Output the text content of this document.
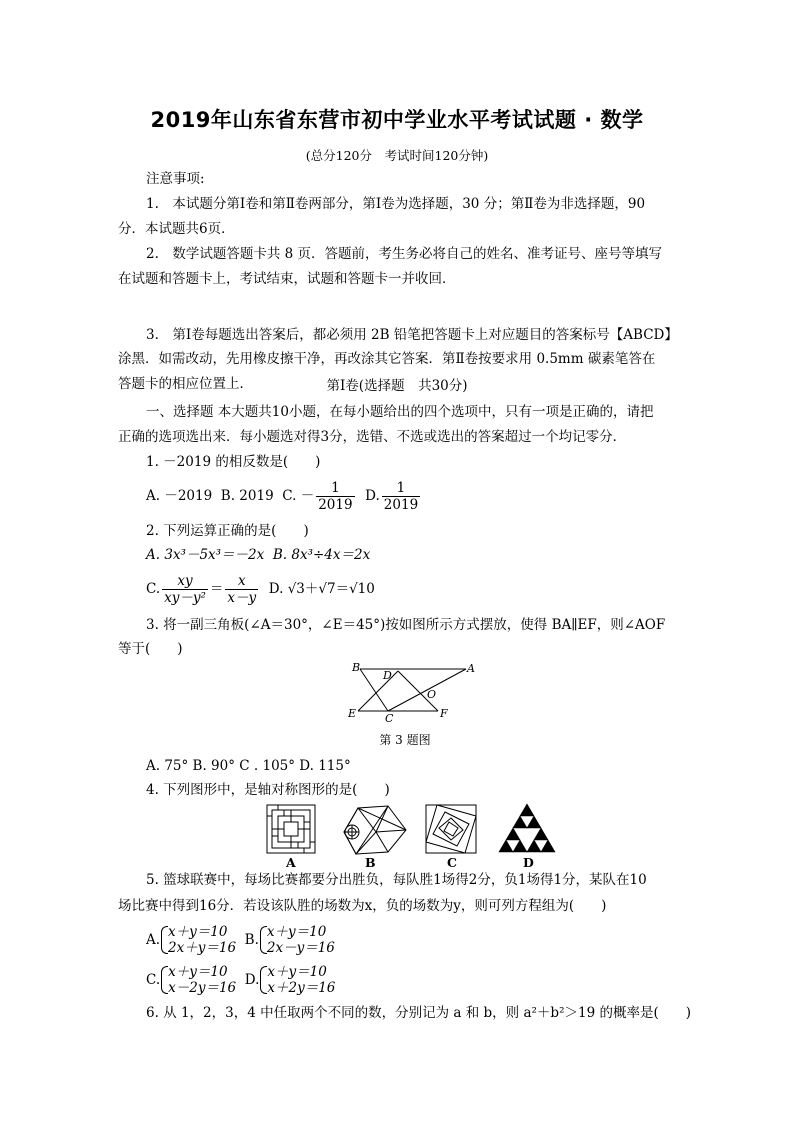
2019年山东省东营市初中学业水平考试试题 · 数学
(总分120分　考试时间120分钟)
注意事项:
1.　本试题分第Ⅰ卷和第Ⅱ卷两部分，第Ⅰ卷为选择题，30 分；第Ⅱ卷为非选择题，90
分．本试题共6页．
2.　数学试题答题卡共 8 页．答题前，考生务必将自己的姓名、准考证号、座号等填写
在试题和答题卡上，考试结束，试题和答题卡一并收回．
3.　第Ⅰ卷每题选出答案后，都必须用 2B 铅笔把答题卡上对应题目的答案标号【ABCD】
涂黑．如需改动，先用橡皮擦干净，再改涂其它答案．第Ⅱ卷按要求用 0.5mm 碳素笔答在
答题卡的相应位置上．	第Ⅰ卷(选择题　共30分)
一、选择题 本大题共10小题，在每小题给出的四个选项中，只有一项是正确的，请把
正确的选项选出来．每小题选对得3分，选错、不选或选出的答案超过一个均记零分．
1. －2019 的相反数是(　　)
A. －2019 B. 2019 C. － $\frac{1}{2019} D$. $\frac{1}{2019}$
2. 下列运算正确的是(　　)
A. 3x³－5x³＝－2x B. 8x³÷4x＝2x
C. $\frac{xy}{\text{xy－y²}} = \frac{x}{x-y} D$. √3＋√7＝√10
3. 将一副三角板(∠A＝30°，∠E＝45°)按如图所示方式摆放，使得 BA∥EF，则∠AOF
等于(　　)
B	A
D
O
E	C	F
第 3 题图
A. 75° B. 90° C . 105° D. 115°
4. 下列图形中，是轴对称图形的是(　　)
A	B	C	D
5. 篮球联赛中，每场比赛都要分出胜负，每队胜1场得2分，负1场得1分，某队在10
场比赛中得到16分．若设该队胜的场数为x，负的场数为y，则可列方程组为(　　)
A. x＋y＝10
2x＋y＝16
B. x＋y＝10
2x－y＝16
C. x＋y＝10
x－2y＝16
D. x＋y＝10
x＋2y＝16
6. 从 1，2，3，4 中任取两个不同的数，分别记为 a 和 b，则 a²＋b²＞19 的概率是(　　)
